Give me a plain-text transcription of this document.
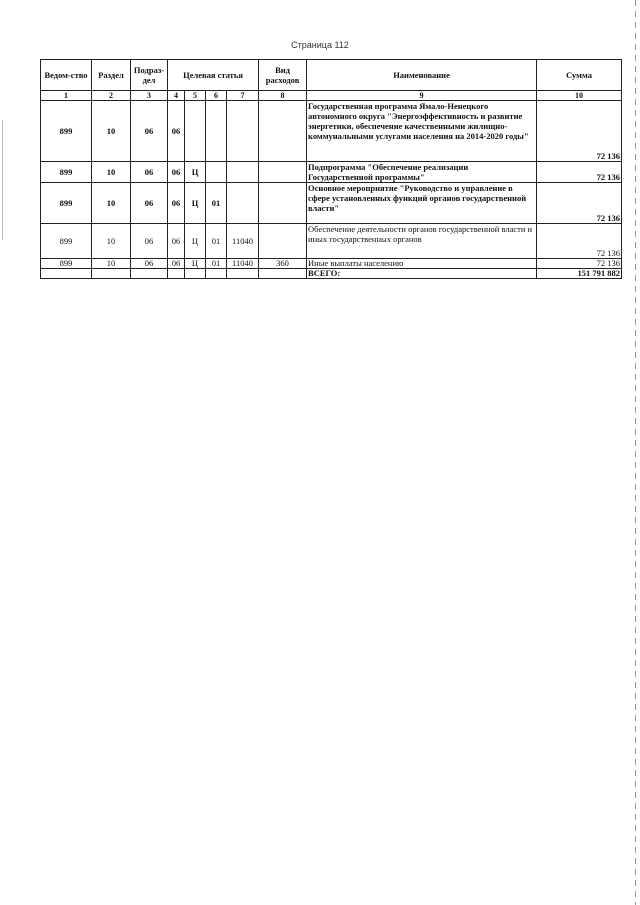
Страница 112
Ведом-ство	Раздел	Подраз-дел	Целевая статья				Вид расходов	Наименование	Сумма
1	2	3	4	5	6	7	8	9	10
899	10	06	06					Государственная программа Ямало-Ненецкого автономного округа "Энергоэффективность и развитие энергетики, обеспечение качественными жилищно-коммунальными услугами населения на 2014-2020 годы"	72 136
899	10	06	06	Ц				Подпрограмма "Обеспечение реализации Государственной программы"	72 136
899	10	06	06	Ц	01			Основное мероприятие "Руководство и управление в сфере установленных функций органов государственной власти"	72 136
899	10	06	06	Ц	01	11040		Обеспечение деятельности органов государственной власти и иных государственных органов	72 136
899	10	06	06	Ц	01	11040	360	Иные выплаты населению	72 136
								ВСЕГО:	151 791 882
